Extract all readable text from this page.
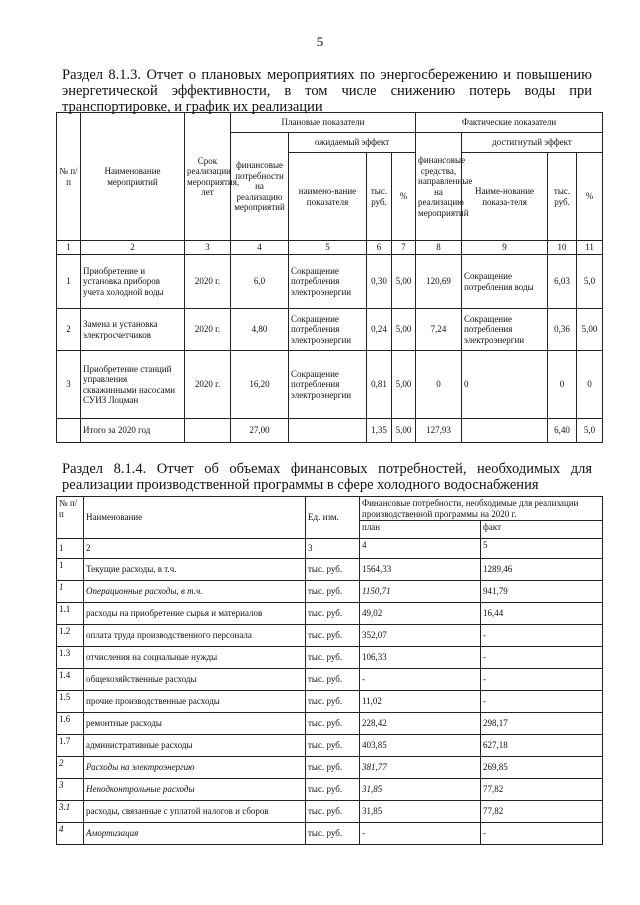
5
Раздел 8.1.3. Отчет о плановых мероприятиях по энергосбережению и повышению энергетической эффективности, в том числе снижению потерь воды при транспортировке, и график их реализации
№ п/п	Наименование мероприятий	Срок реализации мероприятия, лет	Плановые показатели				Фактические показатели			
			финансовые потребности на реализацию мероприятий	ожидаемый эффект			финансовые средства, направленные на реализацию мероприятий	достигнутый эффект		
				наимено-вание показателя	тыс. руб.	%		Наиме-нование показа-теля	тыс. руб.	%
1	2	3	4	5	6	7	8	9	10	11
1	Приобретение и установка приборов учета холодной воды	2020 г.	6,0	Сокращение потребления электроэнергии	0,30	5,00	120,69	Сокращение потребления воды	6,03	5,0
2	Замена и установка электросчетчиков	2020 г.	4,80	Сокращение потребления электроэнергии	0,24	5,00	7,24	Сокращение потребления электроэнергии	0,36	5,00
3	Приобретение станций управления скважинными насосами СУИЗ Лоцман	2020 г.	16,20	Сокращение потребления электроэнергии	0,81	5,00	0	0	0	0
	Итого за 2020 год		27,00		1,35	5,00	127,93		6,40	5,0
Раздел 8.1.4. Отчет об объемах финансовых потребностей, необходимых для реализации производственной программы в сфере холодного водоснабжения
№ п/п	Наименование	Ед. изм.	Финансовые потребности, необходимые для реализации производственной программы на 2020 г.	
			план	факт
1	2	3	4	5
1	Текущие расходы, в т.ч.	тыс. руб.	1564,33	1289,46
1	Операционные расходы, в т.ч.	тыс. руб.	1150,71	941,79
1.1	расходы на приобретение сырья и материалов	тыс. руб.	49,02	16,44
1.2	оплата труда производственного персонала	тыс. руб.	352,07	-
1.3	отчисления на социальные нужды	тыс. руб.	106,33	-
1.4	общехозяйственные расходы	тыс. руб.	-	-
1.5	прочие производственные расходы	тыс. руб.	11,02	-
1.6	ремонтные расходы	тыс. руб.	228,42	298,17
1.7	административные расходы	тыс. руб.	403,85	627,18
2	Расходы на электроэнергию	тыс. руб.	381,77	269,85
3	Неподконтрольные расходы	тыс. руб.	31,85	77,82
3.1	расходы, связанные с уплатой налогов и сборов	тыс. руб.	31,85	77,82
4	Амортизация	тыс. руб.	-	-
